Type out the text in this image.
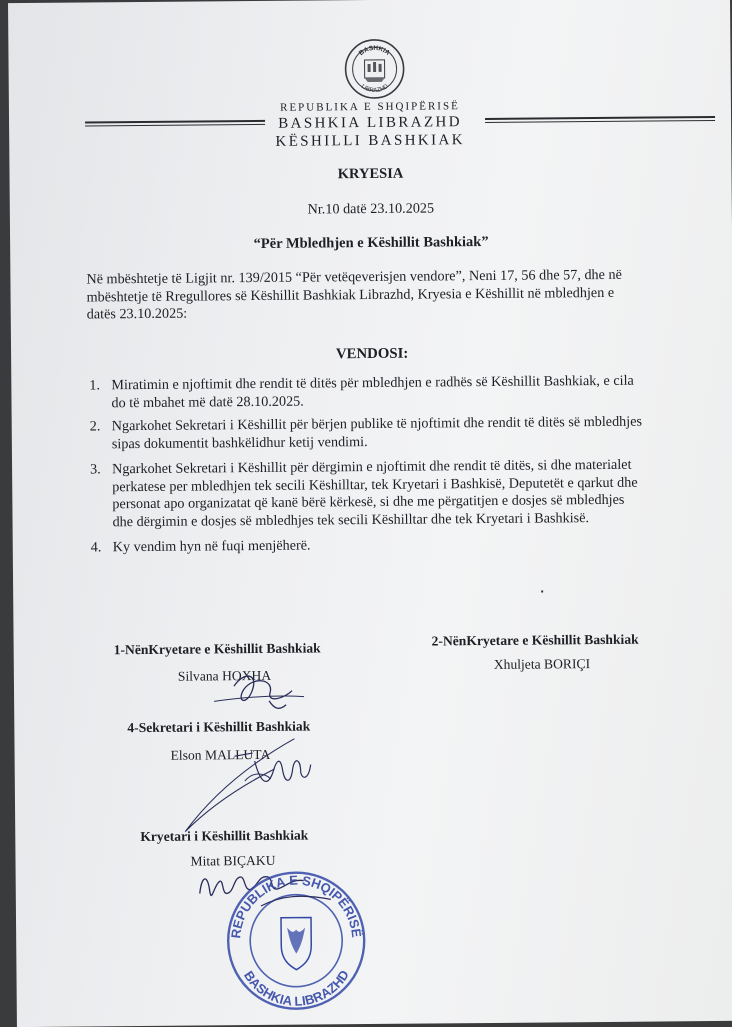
BASHKIA
LIBRAZHD
REPUBLIKA E SHQIPËRISË
BASHKIA LIBRAZHD
KËSHILLI BASHKIAK
KRYESIA
Nr.10 datë 23.10.2025
“Për Mbledhjen e Këshillit Bashkiak”
Në mbështetje të Ligjit nr. 139/2015 “Për vetëqeverisjen vendore”, Neni 17, 56 dhe 57, dhe në
mbështetje të Rregullores së Këshillit Bashkiak Librazhd, Kryesia e Këshillit në mbledhjen e
datës 23.10.2025:
VENDOSI:
1. Miratimin e njoftimit dhe rendit të ditës për mbledhjen e radhës së Këshillit Bashkiak, e cila
do të mbahet më datë 28.10.2025.
2. Ngarkohet Sekretari i Këshillit për bërjen publike të njoftimit dhe rendit të ditës së mbledhjes
sipas dokumentit bashkëlidhur ketij vendimi.
3. Ngarkohet Sekretari i Këshillit për dërgimin e njoftimit dhe rendit të ditës, si dhe materialet
perkatese per mbledhjen tek secili Këshilltar, tek Kryetari i Bashkisë, Deputetët e qarkut dhe
personat apo organizatat që kanë bërë kërkesë, si dhe me përgatitjen e dosjes së mbledhjes
dhe dërgimin e dosjes së mbledhjes tek secili Këshilltar dhe tek Kryetari i Bashkisë.
4. Ky vendim hyn në fuqi menjëherë.
1-NënKryetare e Këshillit Bashkiak
Silvana HOXHA
2-NënKryetare e Këshillit Bashkiak
Xhuljeta BORIÇI
4-Sekretari i Këshillit Bashkiak
Elson MALLUTA
Kryetari i Këshillit Bashkiak
Mitat BIÇAKU
REPUBLIKA E SHQIPËRISË
BASHKIA LIBRAZHD
